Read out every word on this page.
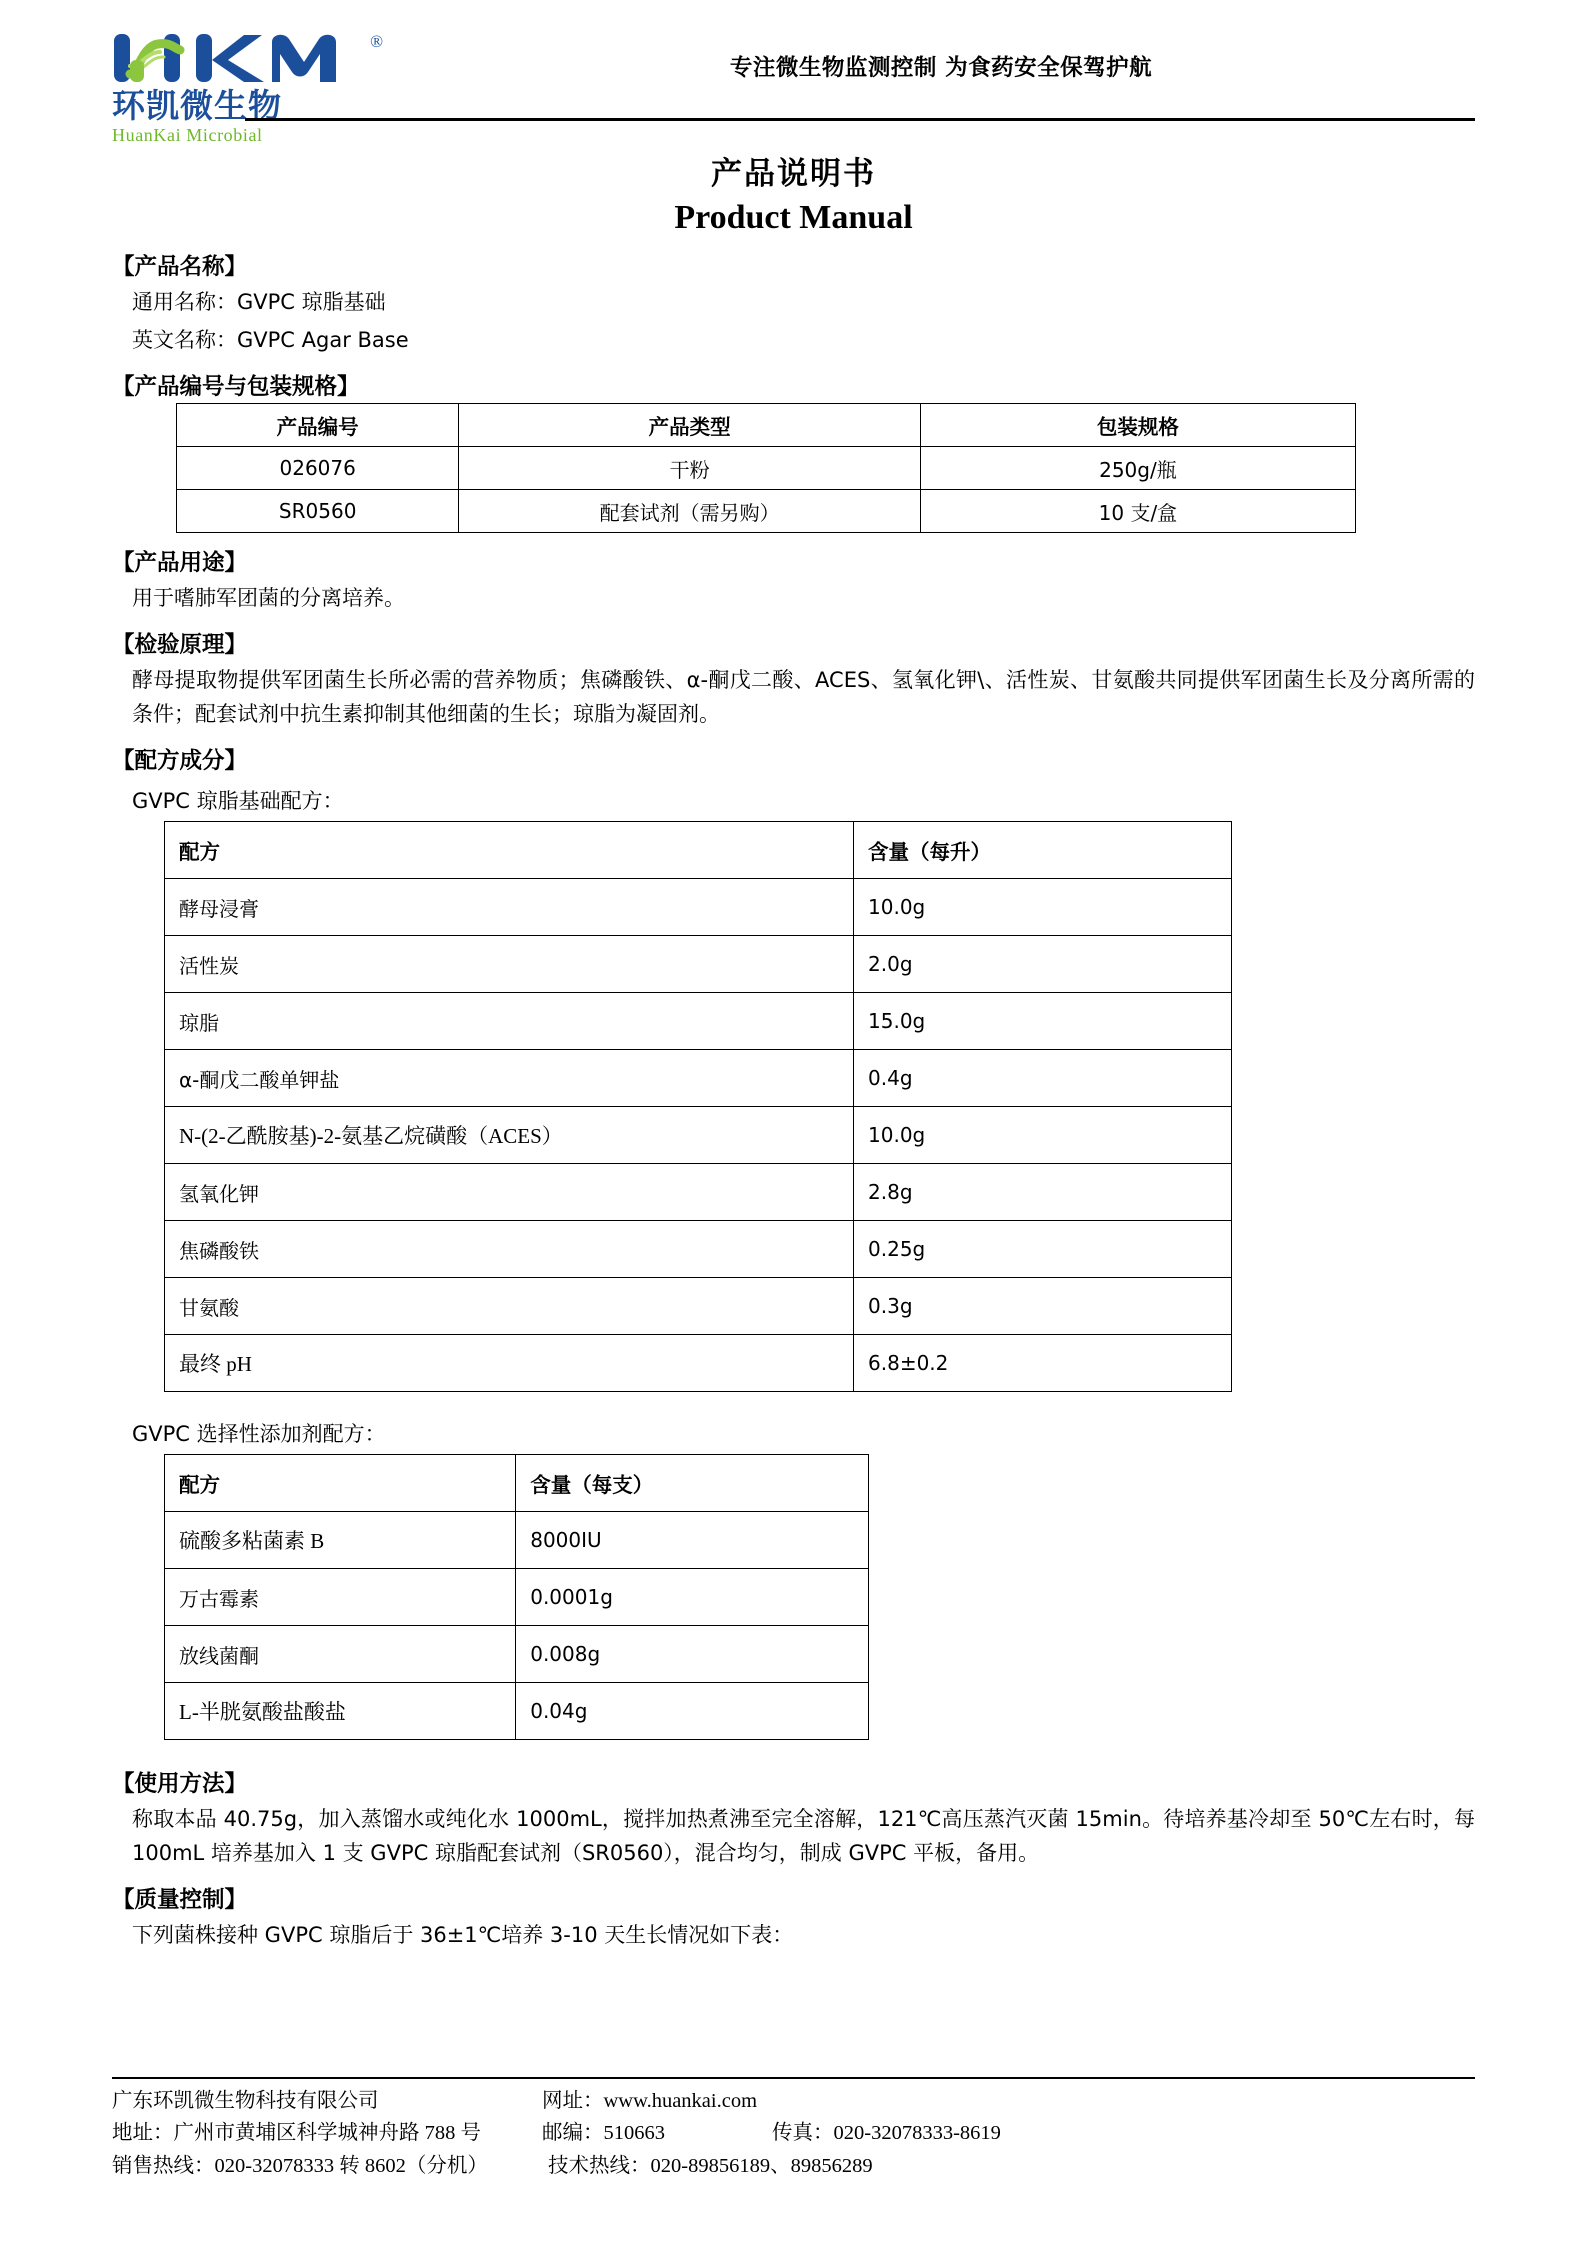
®
环凯微生物
HuanKai Microbial
专注微生物监测控制 为食药安全保驾护航
产品说明书
Product Manual
【产品名称】
通用名称：GVPC 琼脂基础
英文名称：GVPC Agar Base
【产品编号与包装规格】
产品编号	产品类型	包装规格
026076	干粉	250g/瓶
SR0560	配套试剂（需另购）	10 支/盒
【产品用途】
用于嗜肺军团菌的分离培养。
【检验原理】
酵母提取物提供军团菌生长所必需的营养物质；焦磷酸铁、α-酮戊二酸、ACES、氢氧化钾\、活性炭、甘氨酸共同提供军团菌生长及分离所需的条件；配套试剂中抗生素抑制其他细菌的生长；琼脂为凝固剂。
【配方成分】
GVPC 琼脂基础配方：
配方	含量（每升）
酵母浸膏	10.0g
活性炭	2.0g
琼脂	15.0g
α-酮戊二酸单钾盐	0.4g
N-(2-乙酰胺基)-2-氨基乙烷磺酸（ACES）	10.0g
氢氧化钾	2.8g
焦磷酸铁	0.25g
甘氨酸	0.3g
最终 pH	6.8±0.2
GVPC 选择性添加剂配方：
配方	含量（每支）
硫酸多粘菌素 B	8000IU
万古霉素	0.0001g
放线菌酮	0.008g
L-半胱氨酸盐酸盐	0.04g
【使用方法】
称取本品 40.75g，加入蒸馏水或纯化水 1000mL，搅拌加热煮沸至完全溶解，121℃高压蒸汽灭菌 15min。待培养基冷却至 50℃左右时，每 100mL 培养基加入 1 支 GVPC 琼脂配套试剂（SR0560），混合均匀，制成 GVPC 平板，备用。
【质量控制】
下列菌株接种 GVPC 琼脂后于 36±1℃培养 3-10 天生长情况如下表：
广东环凯微生物科技有限公司	网址：www.huankai.com
地址：广州市黄埔区科学城神舟路 788 号	邮编：510663	传真：020-32078333-8619
销售热线：020-32078333 转 8602（分机）	技术热线：020-89856189、89856289
